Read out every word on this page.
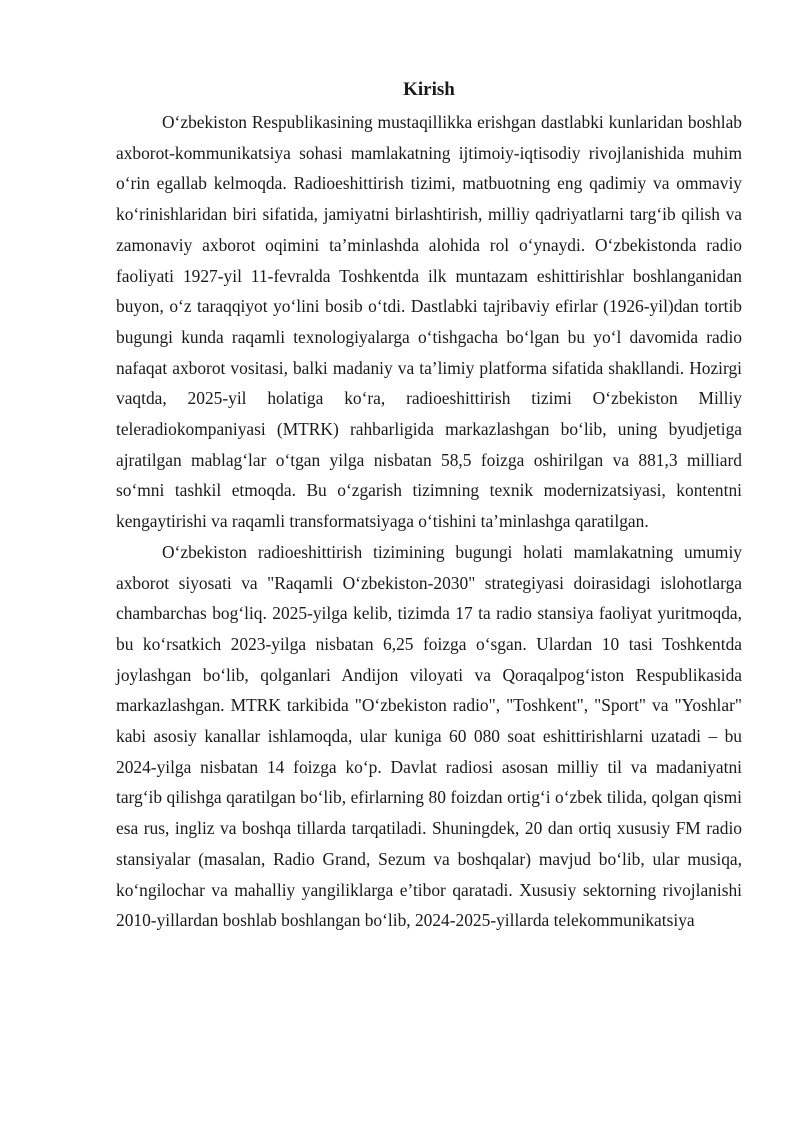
Kirish

O‘zbekiston Respublikasining mustaqillikka erishgan dastlabki kunlaridan boshlab axborot-kommunikatsiya sohasi mamlakatning ijtimoiy-iqtisodiy rivojlanishida muhim o‘rin egallab kelmoqda. Radioeshittirish tizimi, matbuotning eng qadimiy va ommaviy ko‘rinishlaridan biri sifatida, jamiyatni birlashtirish, milliy qadriyatlarni targ‘ib qilish va zamonaviy axborot oqimini ta’minlashda alohida rol o‘ynaydi. O‘zbekistonda radio faoliyati 1927-yil 11-fevralda Toshkentda ilk muntazam eshittirishlar boshlanganidan buyon, o‘z taraqqiyot yo‘lini bosib o‘tdi. Dastlabki tajribaviy efirlar (1926-yil)dan tortib bugungi kunda raqamli texnologiyalarga o‘tishgacha bo‘lgan bu yo‘l davomida radio nafaqat axborot vositasi, balki madaniy va ta’limiy platforma sifatida shakllandi. Hozirgi vaqtda, 2025-yil holatiga ko‘ra, radioeshittirish tizimi O‘zbekiston Milliy teleradiokompaniyasi (MTRK) rahbarligida markazlashgan bo‘lib, uning byudjetiga ajratilgan mablag‘lar o‘tgan yilga nisbatan 58,5 foizga oshirilgan va 881,3 milliard so‘mni tashkil etmoqda. Bu o‘zgarish tizimning texnik modernizatsiyasi, kontentni kengaytirishi va raqamli transformatsiyaga o‘tishini ta’minlashga qaratilgan.

O‘zbekiston radioeshittirish tizimining bugungi holati mamlakatning umumiy axborot siyosati va "Raqamli O‘zbekiston-2030" strategiyasi doirasidagi islohotlarga chambarchas bog‘liq. 2025-yilga kelib, tizimda 17 ta radio stansiya faoliyat yuritmoqda, bu ko‘rsatkich 2023-yilga nisbatan 6,25 foizga o‘sgan. Ulardan 10 tasi Toshkentda joylashgan bo‘lib, qolganlari Andijon viloyati va Qoraqalpog‘iston Respublikasida markazlashgan. MTRK tarkibida "O‘zbekiston radio", "Toshkent", "Sport" va "Yoshlar" kabi asosiy kanallar ishlamoqda, ular kuniga 60 080 soat eshittirishlarni uzatadi – bu 2024-yilga nisbatan 14 foizga ko‘p. Davlat radiosi asosan milliy til va madaniyatni targ‘ib qilishga qaratilgan bo‘lib, efirlarning 80 foizdan ortig‘i o‘zbek tilida, qolgan qismi esa rus, ingliz va boshqa tillarda tarqatiladi. Shuningdek, 20 dan ortiq xususiy FM radio stansiyalar (masalan, Radio Grand, Sezum va boshqalar) mavjud bo‘lib, ular musiqa, ko‘ngilochar va mahalliy yangiliklarga e’tibor qaratadi. Xususiy sektorning rivojlanishi 2010-yillardan boshlab boshlangan bo‘lib, 2024-2025-yillarda telekommunikatsiya
